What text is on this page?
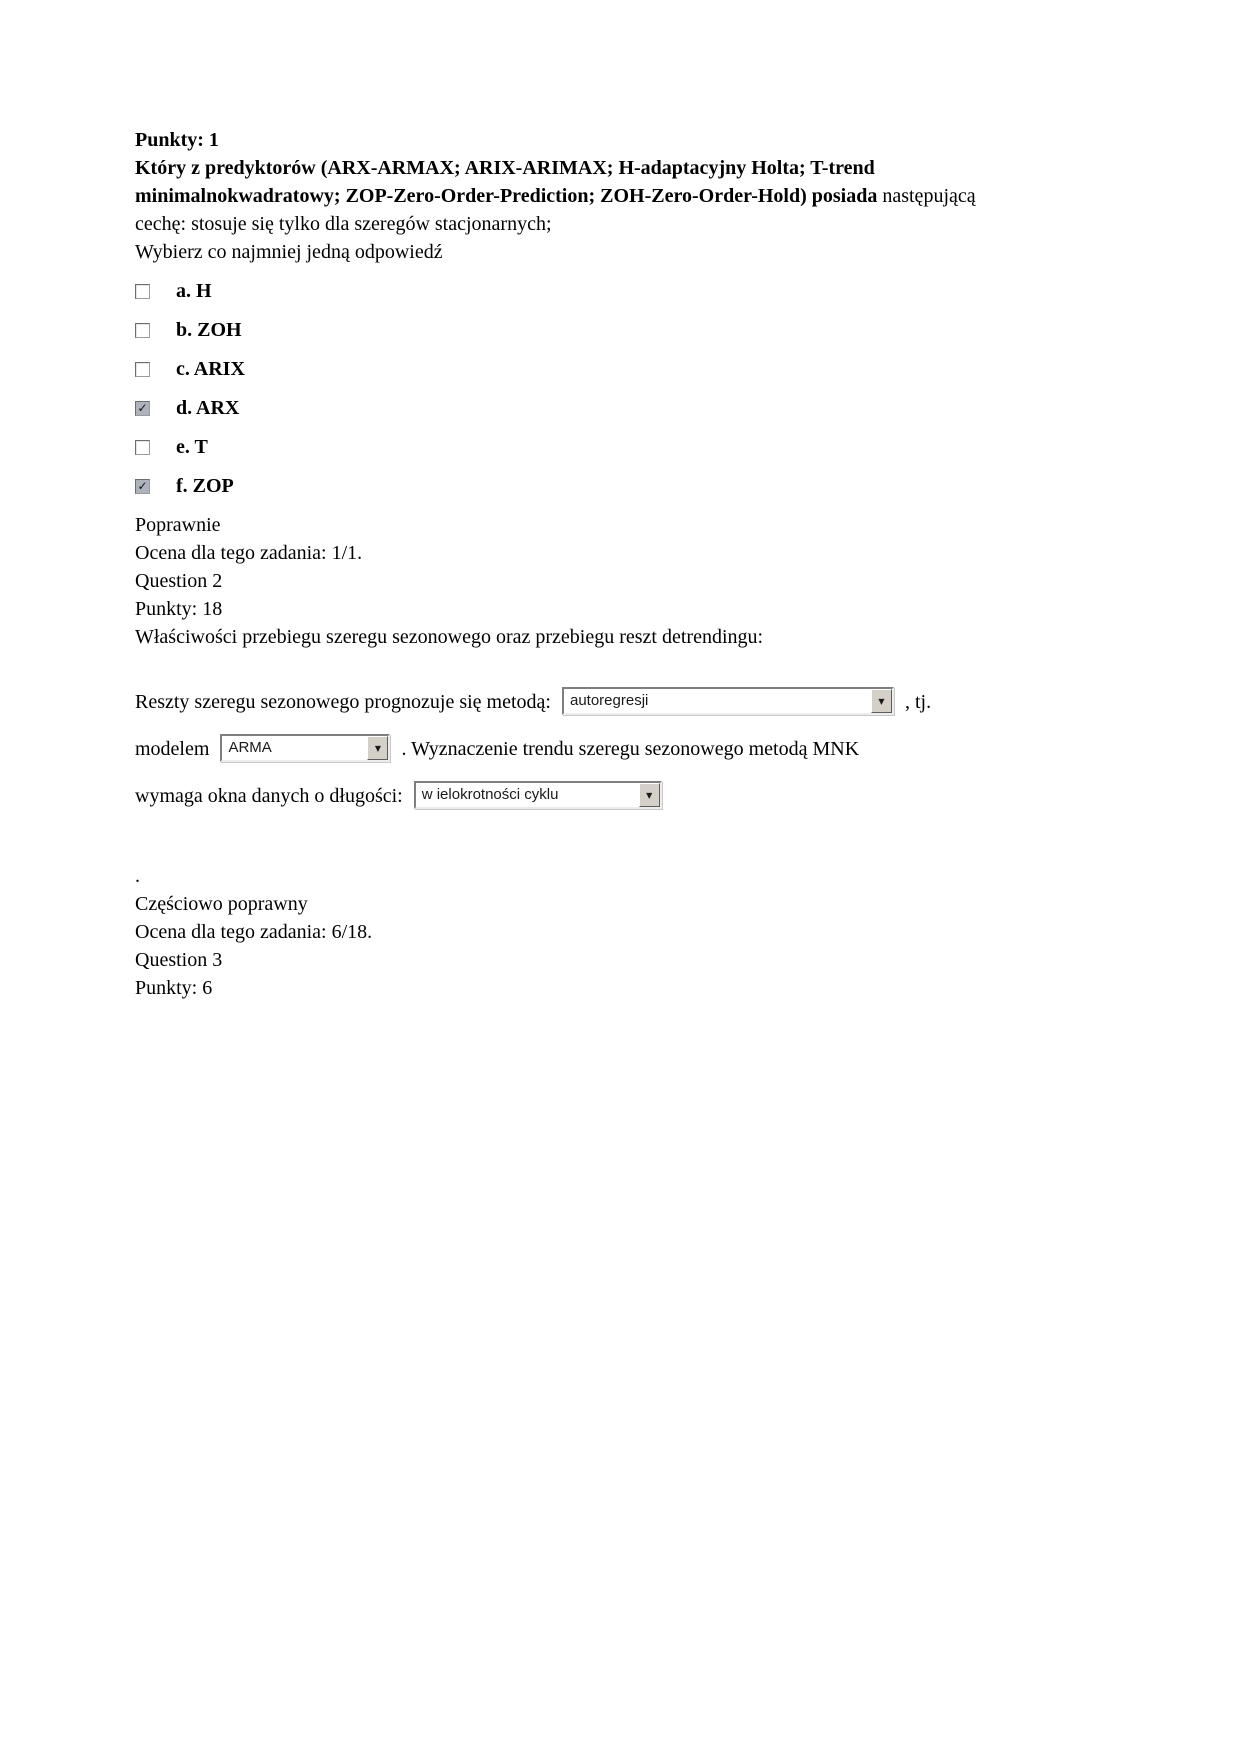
Punkty: 1

Który z predyktorów (ARX-ARMAX; ARIX-ARIMAX; H-adaptacyjny Holta; T-trend minimalnokwadratowy; ZOP-Zero-Order-Prediction; ZOH-Zero-Order-Hold) posiada następującą cechę: stosuje się tylko dla szeregów stacjonarnych;

Wybierz co najmniej jedną odpowiedź
a. H
b. ZOH
c. ARIX
✓ d. ARX
e. T
✓ f. ZOP
Poprawnie
Ocena dla tego zadania: 1/1.
Question 2
Punkty: 18
Właściwości przebiegu szeregu sezonowego oraz przebiegu reszt detrendingu:
Reszty szeregu sezonowego prognozuje się metodą:	autoregresji	▼ , tj.
modelem	ARMA	▼ . Wyznaczenie trendu szeregu sezonowego metodą MNK
wymaga okna danych o długości:	w ielokrotności cyklu	▼
.
Częściowo poprawny
Ocena dla tego zadania: 6/18.
Question 3
Punkty: 6
